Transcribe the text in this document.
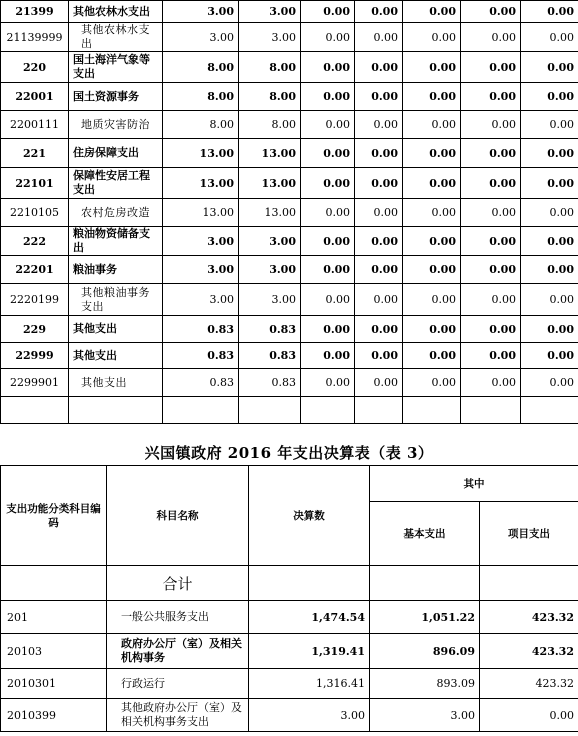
21399	其他农林水支出	3.00	3.00	0.00	0.00	0.00	0.00	0.00
21139999	其他农林水支出	3.00	3.00	0.00	0.00	0.00	0.00	0.00
220	国土海洋气象等支出	8.00	8.00	0.00	0.00	0.00	0.00	0.00
22001	国土资源事务	8.00	8.00	0.00	0.00	0.00	0.00	0.00
2200111	地质灾害防治	8.00	8.00	0.00	0.00	0.00	0.00	0.00
221	住房保障支出	13.00	13.00	0.00	0.00	0.00	0.00	0.00
22101	保障性安居工程支出	13.00	13.00	0.00	0.00	0.00	0.00	0.00
2210105	农村危房改造	13.00	13.00	0.00	0.00	0.00	0.00	0.00
222	粮油物资储备支出	3.00	3.00	0.00	0.00	0.00	0.00	0.00
22201	粮油事务	3.00	3.00	0.00	0.00	0.00	0.00	0.00
2220199	其他粮油事务支出	3.00	3.00	0.00	0.00	0.00	0.00	0.00
229	其他支出	0.83	0.83	0.00	0.00	0.00	0.00	0.00
22999	其他支出	0.83	0.83	0.00	0.00	0.00	0.00	0.00
2299901	其他支出	0.83	0.83	0.00	0.00	0.00	0.00	0.00

兴国镇政府 2016 年支出决算表（表 3）
支出功能分类科目编码	科目名称	决算数	其中	
			基本支出	项目支出
	合计			
201	一般公共服务支出	1,474.54	1,051.22	423.32
20103	政府办公厅（室）及相关机构事务	1,319.41	896.09	423.32
2010301	行政运行	1,316.41	893.09	423.32
2010399	其他政府办公厅（室）及相关机构事务支出	3.00	3.00	0.00
